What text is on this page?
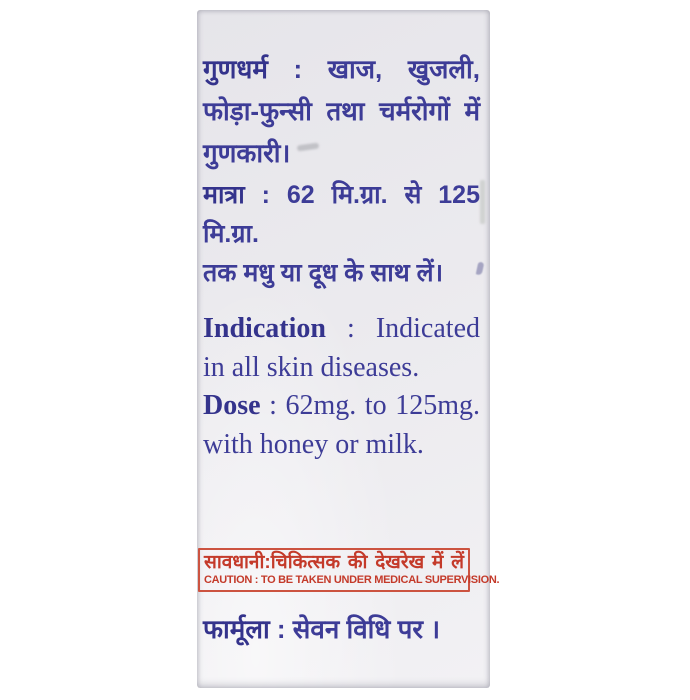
गुणधर्म : खाज, खुजली,
फोड़ा-फुन्सी तथा चर्मरोगों में
गुणकारी।
मात्रा : 62 मि.ग्रा. से 125 मि.ग्रा.
तक मधु या दूध के साथ लें।
Indication : Indicated
in all skin diseases.
Dose : 62mg. to 125mg.
with honey or milk.
सावधानी:चिकित्सक की देखरेख में लें
CAUTION : TO BE TAKEN UNDER MEDICAL SUPERVISION.
फार्मूला : सेवन विधि पर ।
